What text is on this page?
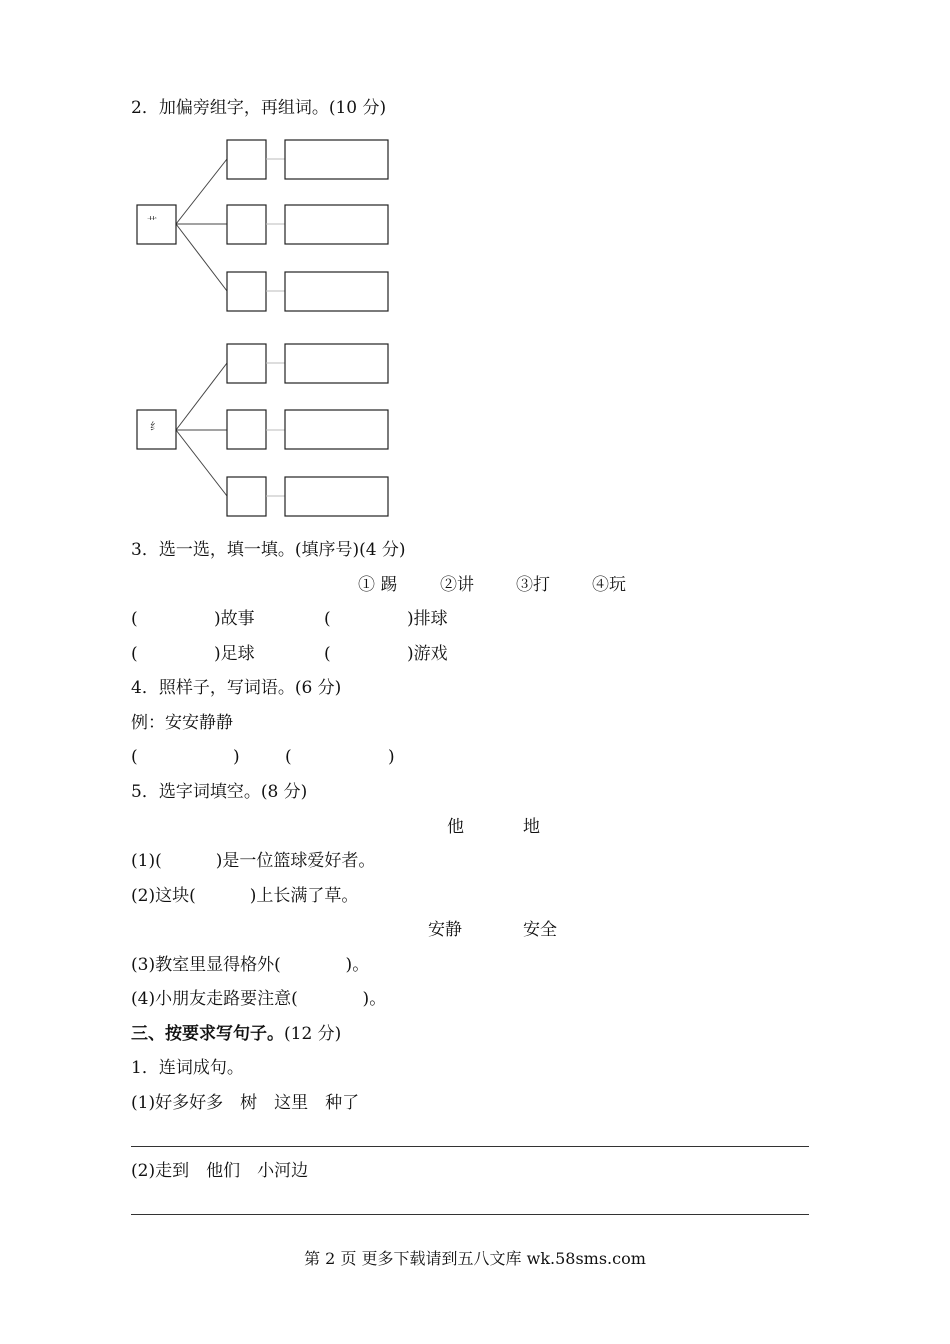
2．加偏旁组字，再组词。(10 分)
艹
纟
3．选一选，填一填。(填序号)(4 分)
① 踢	②讲 ③打 ④玩
(	)故事	(	)排球
(	)足球	(	)游戏
4．照样子，写词语。(6 分)
例：安安静静
(	)	(	)
5．选字词填空。(8 分)
他	地
(1)(          )是一位篮球爱好者。
(2)这块(          )上长满了草。
安静	安全
(3)教室里显得格外(            )。
(4)小朋友走路要注意(            )。
三、按要求写句子。(12 分)
1．连词成句。
(1)好多好多　树　这里　种了
(2)走到　他们　小河边
第 2 页 更多下载请到五八文库 wk.58sms.com
